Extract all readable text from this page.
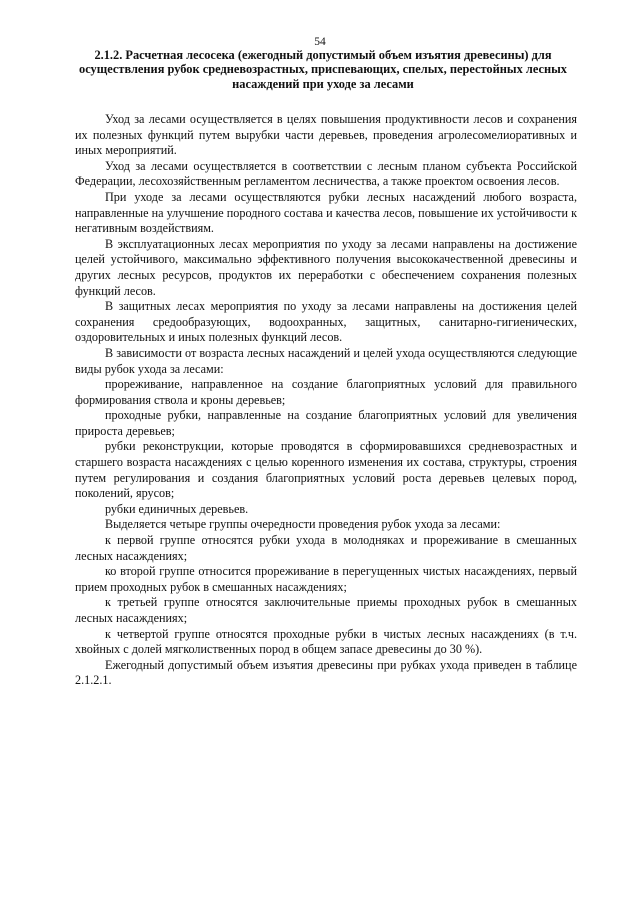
54
2.1.2. Расчетная лесосека (ежегодный допустимый объем изъятия древесины) для осуществления рубок средневозрастных, приспевающих, спелых, перестойных лесных насаждений при уходе за лесами

Уход за лесами осуществляется в целях повышения продуктивности лесов и сохранения их полезных функций путем вырубки части деревьев, проведения агролесомелиоративных и иных мероприятий.

Уход за лесами осуществляется в соответствии с лесным планом субъекта Российской Федерации, лесохозяйственным регламентом лесничества, а также проектом освоения лесов.

При уходе за лесами осуществляются рубки лесных насаждений любого возраста, направленные на улучшение породного состава и качества лесов, повышение их устойчивости к негативным воздействиям.

В эксплуатационных лесах мероприятия по уходу за лесами направлены на достижение целей устойчивого, максимально эффективного получения высококачественной древесины и других лесных ресурсов, продуктов их переработки с обеспечением сохранения полезных функций лесов.

В защитных лесах мероприятия по уходу за лесами направлены на достижения целей сохранения средообразующих, водоохранных, защитных, санитарно-гигиенических, оздоровительных и иных полезных функций лесов.

В зависимости от возраста лесных насаждений и целей ухода осуществляются следующие виды рубок ухода за лесами:

прореживание, направленное на создание благоприятных условий для правильного формирования ствола и кроны деревьев;

проходные рубки, направленные на создание благоприятных условий для увеличения прироста деревьев;

рубки реконструкции, которые проводятся в сформировавшихся средневозрастных и старшего возраста насаждениях с целью коренного изменения их состава, структуры, строения путем регулирования и создания благоприятных условий роста деревьев целевых пород, поколений, ярусов;

рубки единичных деревьев.

Выделяется четыре группы очередности проведения рубок ухода за лесами:

к первой группе относятся рубки ухода в молодняках и прореживание в смешанных лесных насаждениях;

ко второй группе относится прореживание в перегущенных чистых насаждениях, первый прием проходных рубок в смешанных насаждениях;

к третьей группе относятся заключительные приемы проходных рубок в смешанных лесных насаждениях;

к четвертой группе относятся проходные рубки в чистых лесных насаждениях (в т.ч. хвойных с долей мягколиственных пород в общем запасе древесины до 30 %).

Ежегодный допустимый объем изъятия древесины при рубках ухода приведен в таблице 2.1.2.1.
